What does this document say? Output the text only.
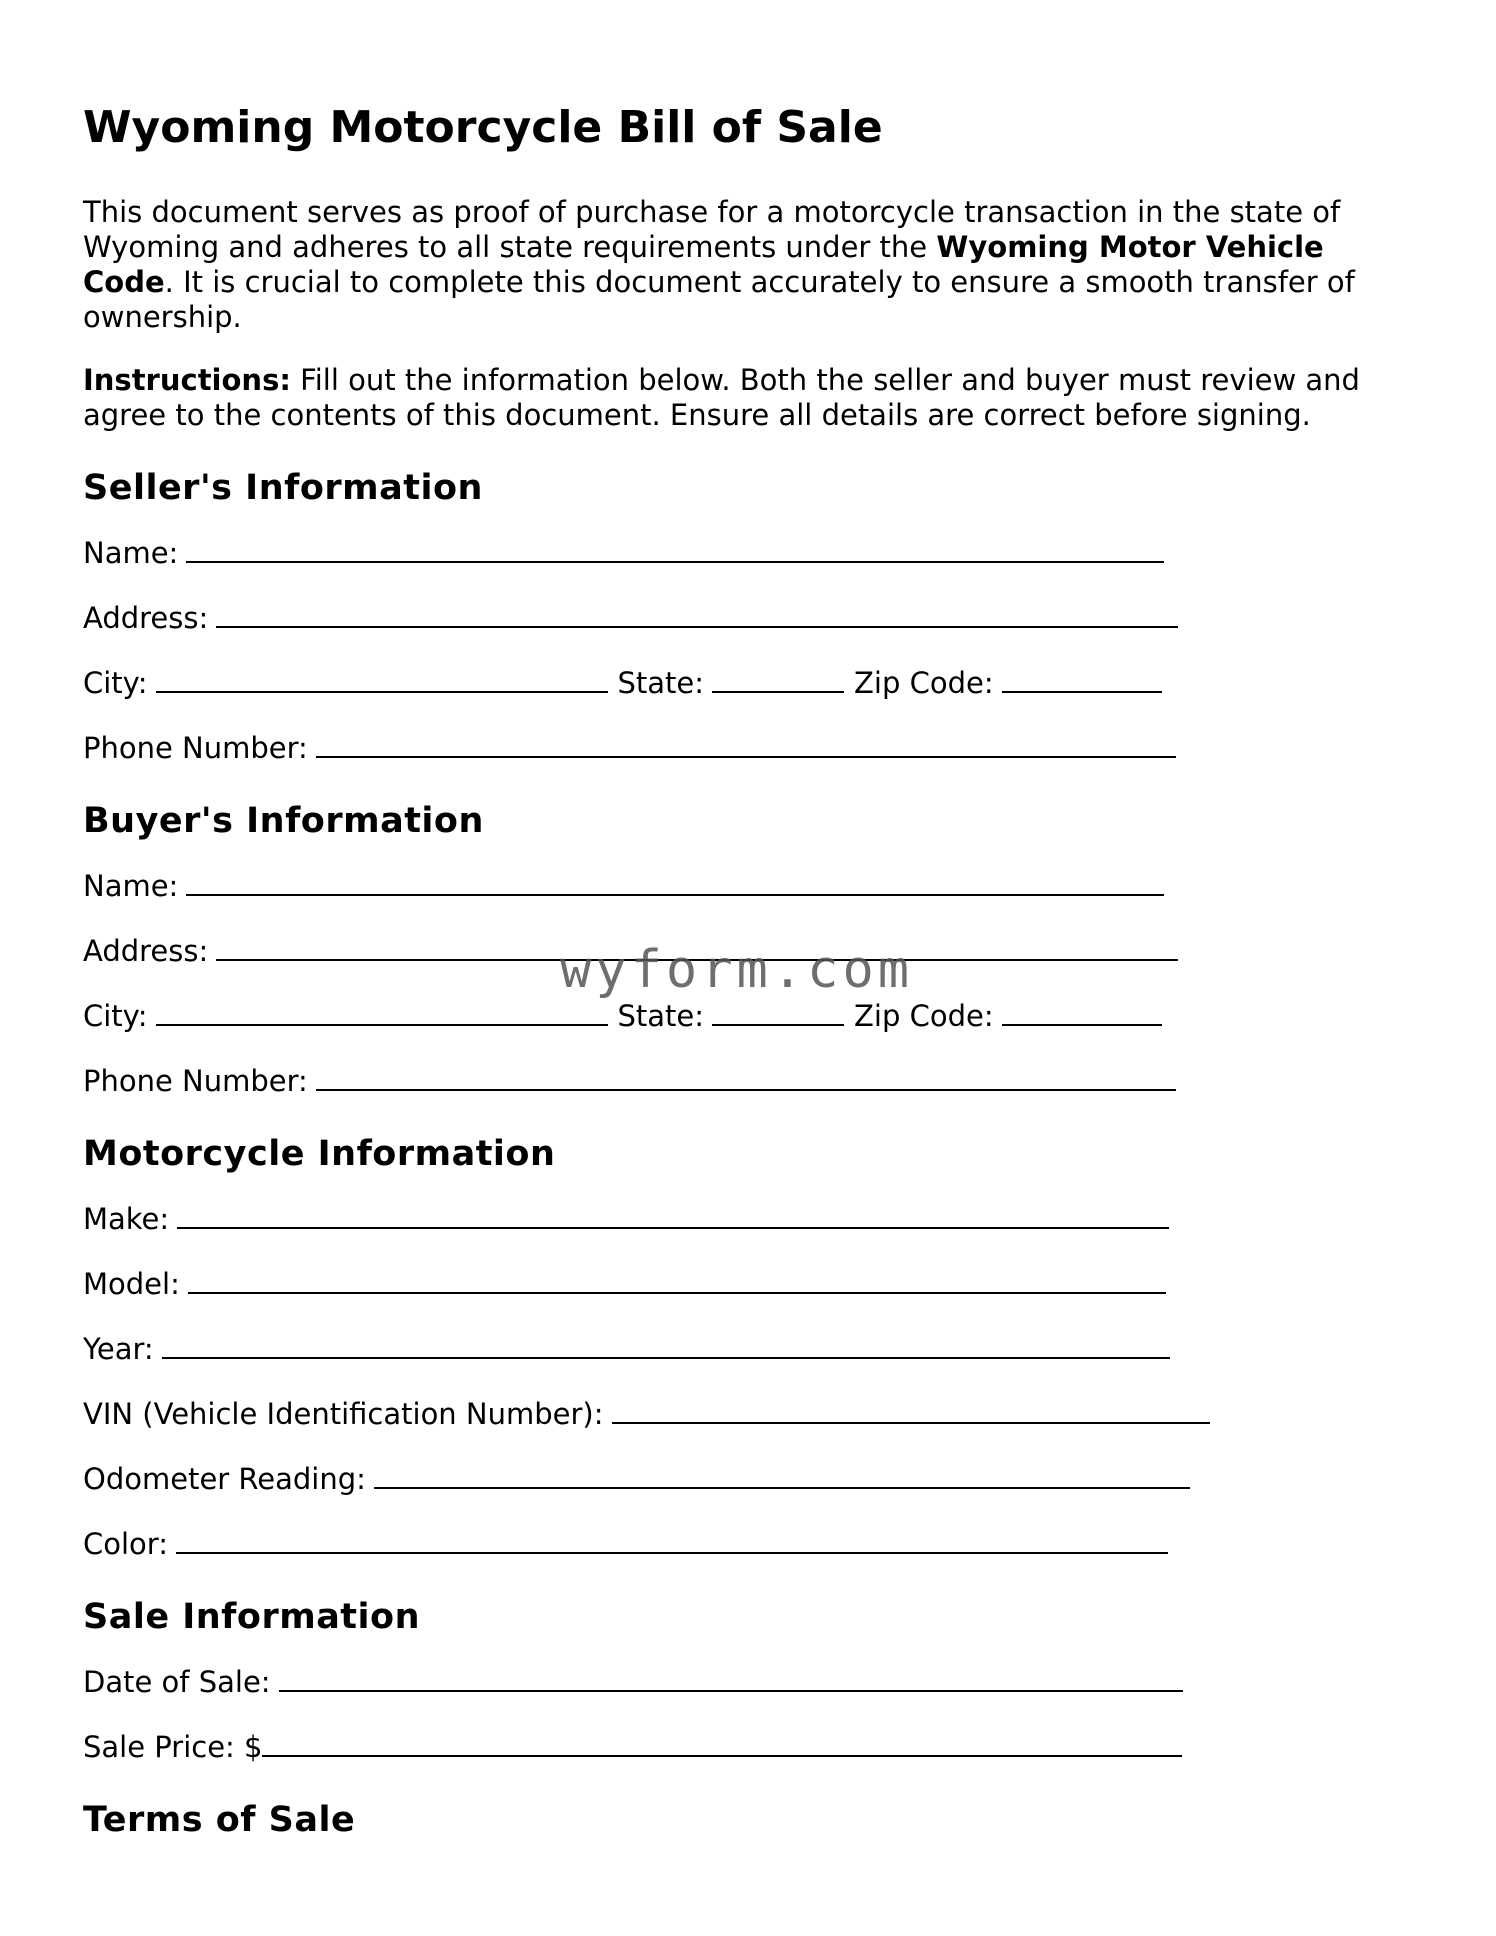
Wyoming Motorcycle Bill of Sale

This document serves as proof of purchase for a motorcycle transaction in the state of Wyoming and adheres to all state requirements under the Wyoming Motor Vehicle Code. It is crucial to complete this document accurately to ensure a smooth transfer of ownership.

Instructions: Fill out the information below. Both the seller and buyer must review and agree to the contents of this document. Ensure all details are correct before signing.

Seller's Information
Name:
Address:
City:	State:	Zip Code:
Phone Number:
Buyer's Information
Name:
Address:
City:	State:	Zip Code:
Phone Number:
Motorcycle Information
Make:
Model:
Year:
VIN (Vehicle Identification Number):
Odometer Reading:
Color:
Sale Information
Date of Sale:
Sale Price: $
Terms of Sale
wyform.com
